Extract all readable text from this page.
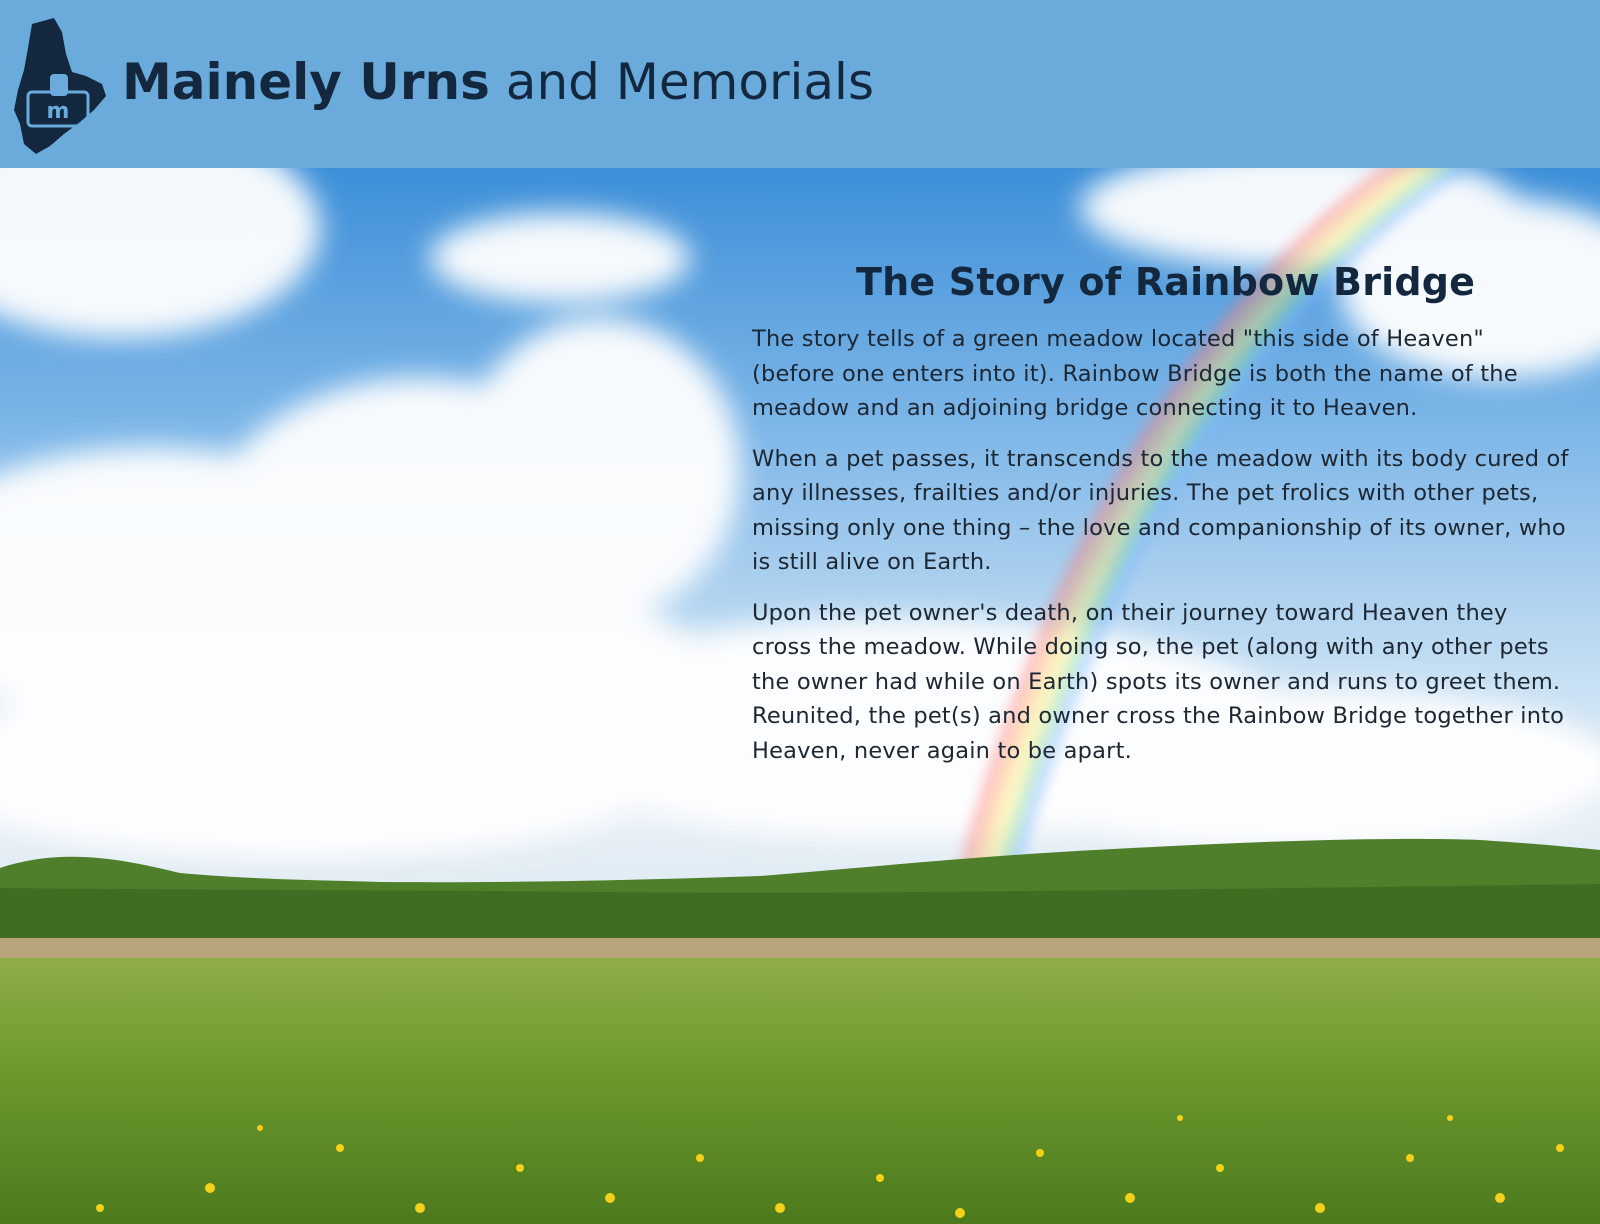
m
Mainely Urns and Memorials
The Story of Rainbow Bridge

The story tells of a green meadow located "this side of Heaven" (before one enters into it). Rainbow Bridge is both the name of the meadow and an adjoining bridge connecting it to Heaven.

When a pet passes, it transcends to the meadow with its body cured of any illnesses, frailties and/or injuries. The pet frolics with other pets, missing only one thing – the love and companionship of its owner, who is still alive on Earth.

Upon the pet owner's death, on their journey toward Heaven they cross the meadow. While doing so, the pet (along with any other pets the owner had while on Earth) spots its owner and runs to greet them. Reunited, the pet(s) and owner cross the Rainbow Bridge together into Heaven, never again to be apart.
